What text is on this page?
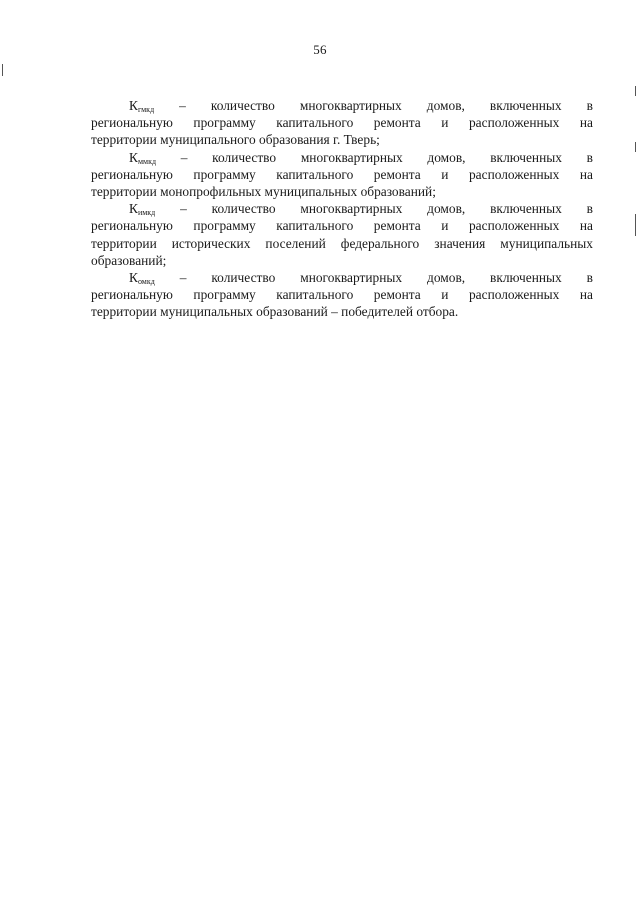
56
$К_{гмкд}$ – количество многоквартирных домов, включенных в
региональную программу капитального ремонта и расположенных на
территории муниципального образования г. Тверь;
$К_{ммкд}$ – количество многоквартирных домов, включенных в
региональную программу капитального ремонта и расположенных на
территории монопрофильных муниципальных образований;
$К_{имкд}$ – количество многоквартирных домов, включенных в
региональную программу капитального ремонта и расположенных на
территории исторических поселений федерального значения муниципальных
образований;
$К_{омкд}$ – количество многоквартирных домов, включенных в
региональную программу капитального ремонта и расположенных на
территории муниципальных образований – победителей отбора.
